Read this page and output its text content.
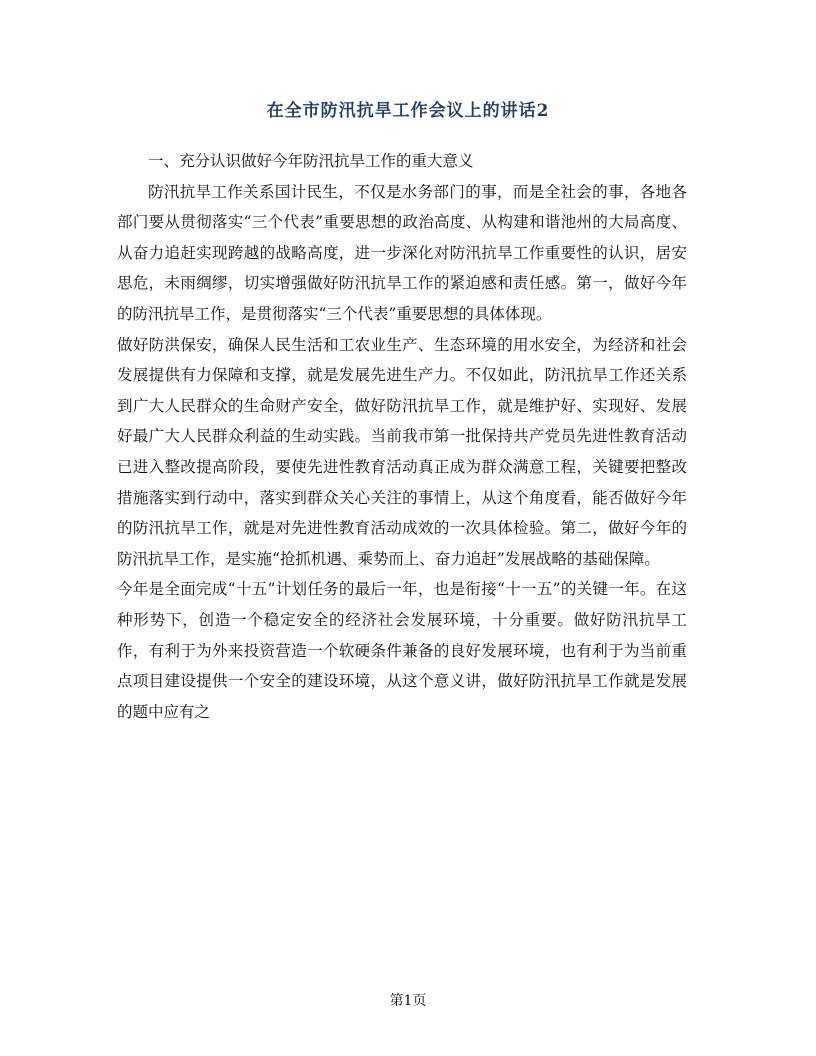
在全市防汛抗旱工作会议上的讲话2

一、充分认识做好今年防汛抗旱工作的重大意义

防汛抗旱工作关系国计民生，不仅是水务部门的事，而是全社会的事，各地各部门要从贯彻落实“三个代表”重要思想的政治高度、从构建和谐池州的大局高度、从奋力追赶实现跨越的战略高度，进一步深化对防汛抗旱工作重要性的认识，居安思危，未雨绸缪，切实增强做好防汛抗旱工作的紧迫感和责任感。第一，做好今年的防汛抗旱工作，是贯彻落实“三个代表”重要思想的具体体现。

做好防洪保安，确保人民生活和工农业生产、生态环境的用水安全，为经济和社会发展提供有力保障和支撑，就是发展先进生产力。不仅如此，防汛抗旱工作还关系到广大人民群众的生命财产安全，做好防汛抗旱工作，就是维护好、实现好、发展好最广大人民群众利益的生动实践。当前我市第一批保持共产党员先进性教育活动已进入整改提高阶段，要使先进性教育活动真正成为群众满意工程，关键要把整改措施落实到行动中，落实到群众关心关注的事情上，从这个角度看，能否做好今年的防汛抗旱工作，就是对先进性教育活动成效的一次具体检验。第二，做好今年的防汛抗旱工作，是实施“抢抓机遇、乘势而上、奋力追赶”发展战略的基础保障。

今年是全面完成“十五”计划任务的最后一年，也是衔接“十一五”的关键一年。在这种形势下，创造一个稳定安全的经济社会发展环境，十分重要。做好防汛抗旱工作，有利于为外来投资营造一个软硬条件兼备的良好发展环境，也有利于为当前重点项目建设提供一个安全的建设环境，从这个意义讲，做好防汛抗旱工作就是发展的题中应有之

第1页
